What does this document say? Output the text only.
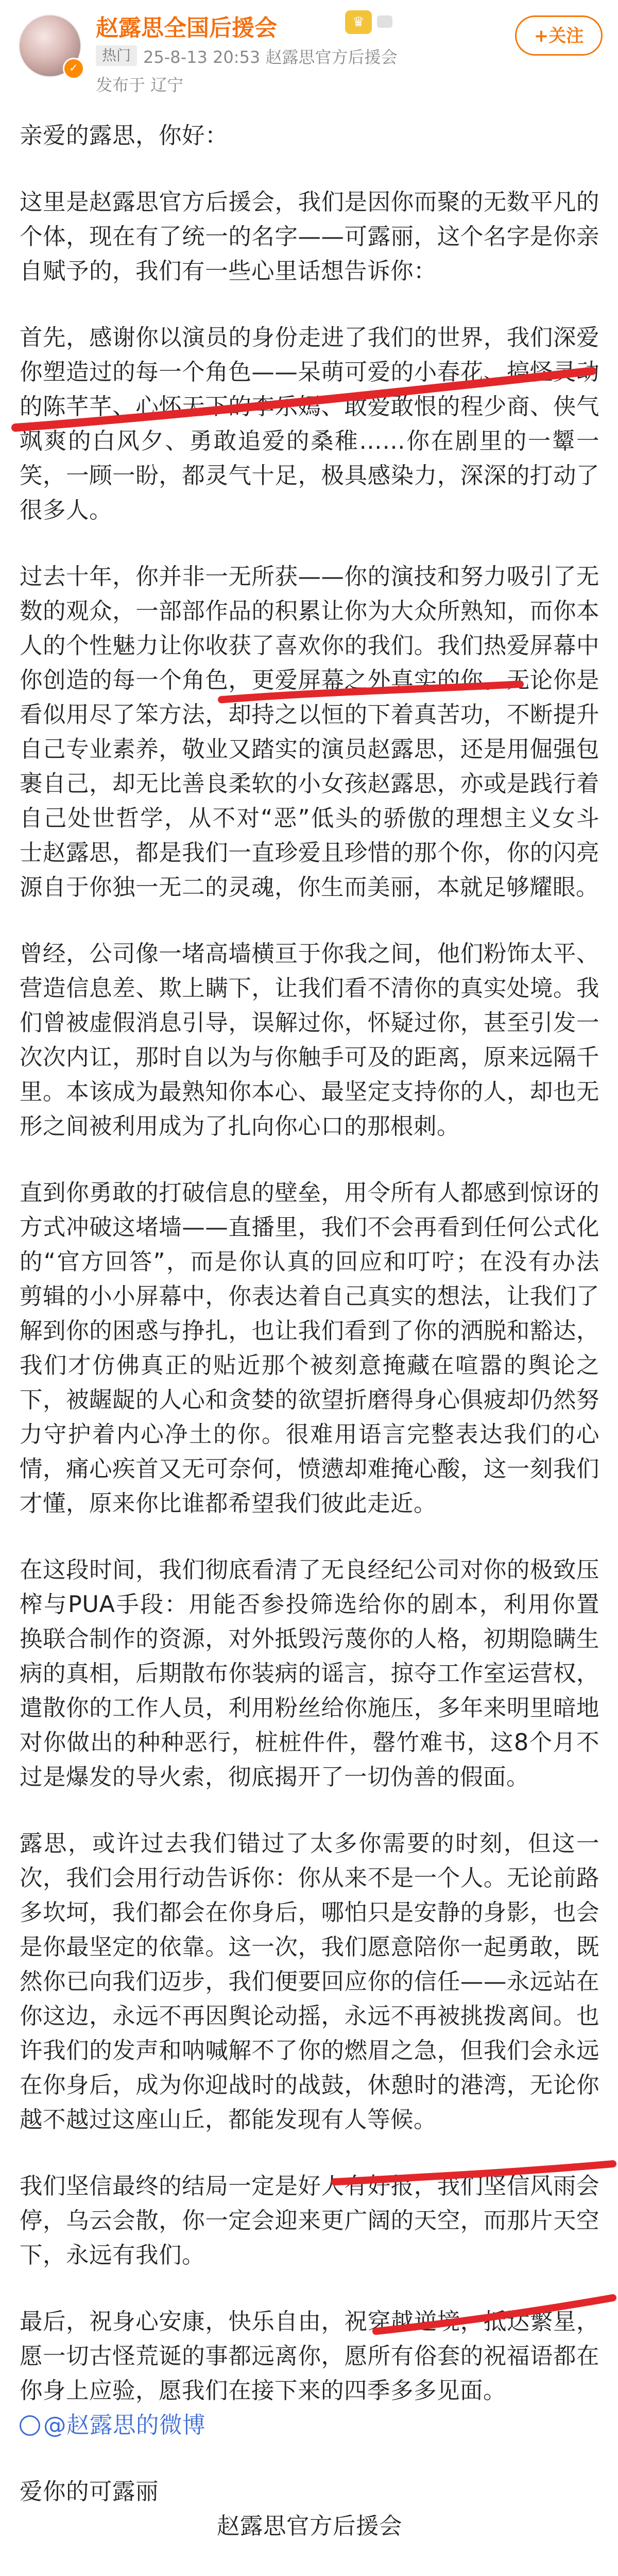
✓
赵露思全国后援会	♛
热门 25-8-13 20:53 赵露思官方后援会
发布于 辽宁
+关注

亲爱的露思，你好：

这里是赵露思官方后援会，我们是因你而聚的无数平凡的个体，现在有了统一的名字——可露丽，这个名字是你亲自赋予的，我们有一些心里话想告诉你：

首先，感谢你以演员的身份走进了我们的世界，我们深爱你塑造过的每一个角色——呆萌可爱的小春花、搞怪灵动的陈芊芊、心怀天下的李乐嫣、敢爱敢恨的程少商、侠气飒爽的白风夕、勇敢追爱的桑稚……你在剧里的一颦一笑，一顾一盼，都灵气十足，极具感染力，深深的打动了很多人。

过去十年，你并非一无所获——你的演技和努力吸引了无数的观众，一部部作品的积累让你为大众所熟知，而你本人的个性魅力让你收获了喜欢你的我们。我们热爱屏幕中你创造的每一个角色，更爱屏幕之外真实的你。无论你是看似用尽了笨方法，却持之以恒的下着真苦功，不断提升自己专业素养，敬业又踏实的演员赵露思，还是用倔强包裹自己，却无比善良柔软的小女孩赵露思，亦或是践行着自己处世哲学，从不对“恶”低头的骄傲的理想主义女斗士赵露思，都是我们一直珍爱且珍惜的那个你，你的闪亮源自于你独一无二的灵魂，你生而美丽，本就足够耀眼。

曾经，公司像一堵高墙横亘于你我之间，他们粉饰太平、营造信息差、欺上瞒下，让我们看不清你的真实处境。我们曾被虚假消息引导，误解过你，怀疑过你，甚至引发一次次内讧，那时自以为与你触手可及的距离，原来远隔千里。本该成为最熟知你本心、最坚定支持你的人，却也无形之间被利用成为了扎向你心口的那根刺。

直到你勇敢的打破信息的壁垒，用令所有人都感到惊讶的方式冲破这堵墙——直播里，我们不会再看到任何公式化的“官方回答”，而是你认真的回应和叮咛；在没有办法剪辑的小小屏幕中，你表达着自己真实的想法，让我们了解到你的困惑与挣扎，也让我们看到了你的洒脱和豁达，我们才仿佛真正的贴近那个被刻意掩藏在喧嚣的舆论之下，被龌龊的人心和贪婪的欲望折磨得身心俱疲却仍然努力守护着内心净土的你。很难用语言完整表达我们的心情，痛心疾首又无可奈何，愤懑却难掩心酸，这一刻我们才懂，原来你比谁都希望我们彼此走近。

在这段时间，我们彻底看清了无良经纪公司对你的极致压榨与PUA手段：用能否参投筛选给你的剧本，利用你置换联合制作的资源，对外抵毁污蔑你的人格，初期隐瞒生病的真相，后期散布你装病的谣言，掠夺工作室运营权，遣散你的工作人员，利用粉丝给你施压，多年来明里暗地对你做出的种种恶行，桩桩件件，罄竹难书，这8个月不过是爆发的导火索，彻底揭开了一切伪善的假面。

露思，或许过去我们错过了太多你需要的时刻，但这一次，我们会用行动告诉你：你从来不是一个人。无论前路多坎坷，我们都会在你身后，哪怕只是安静的身影，也会是你最坚定的依靠。这一次，我们愿意陪你一起勇敢，既然你已向我们迈步，我们便要回应你的信任——永远站在你这边，永远不再因舆论动摇，永远不再被挑拨离间。也许我们的发声和呐喊解不了你的燃眉之急，但我们会永远在你身后，成为你迎战时的战鼓，休憩时的港湾，无论你越不越过这座山丘，都能发现有人等候。

我们坚信最终的结局一定是好人有好报，我们坚信风雨会停，乌云会散，你一定会迎来更广阔的天空，而那片天空下，永远有我们。

最后，祝身心安康，快乐自由，祝穿越逆境，抵达繁星，愿一切古怪荒诞的事都远离你，愿所有俗套的祝福语都在你身上应验，愿我们在接下来的四季多多见面。

@赵露思的微博

爱你的可露丽

赵露思官方后援会
